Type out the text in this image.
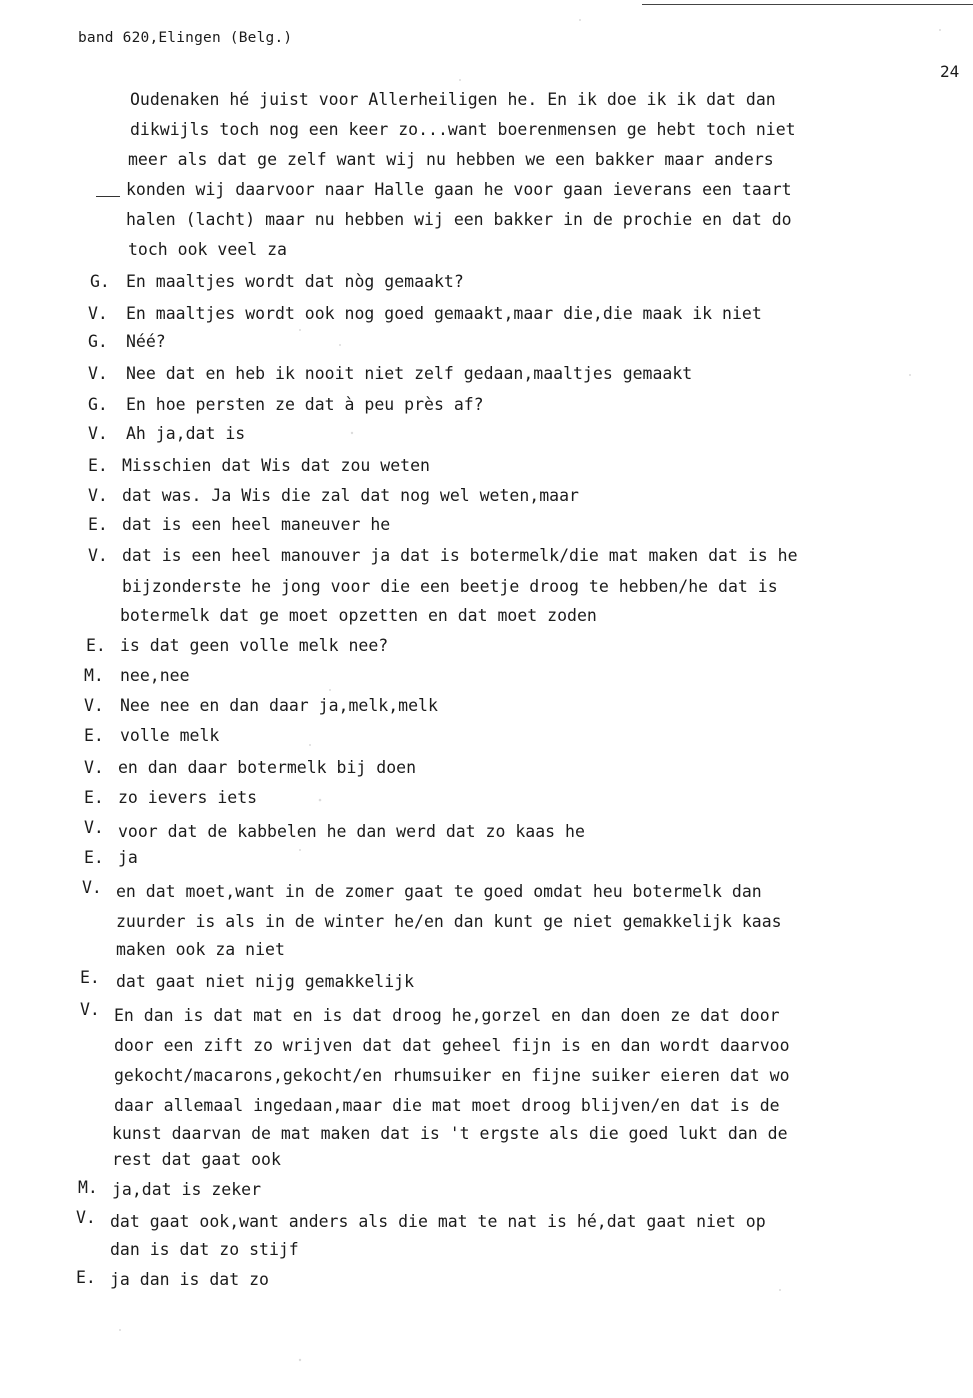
band 620,Elingen (Belg.)
24
Oudenaken hé juist voor Allerheiligen he. En ik doe ik ik dat dan
dikwijls toch nog een keer zo...want boerenmensen ge hebt toch niet
meer als dat ge zelf want wij nu hebben we een bakker maar anders
konden wij daarvoor naar Halle gaan he voor gaan ieverans een taart
halen (lacht) maar nu hebben wij een bakker in de prochie en dat do
toch ook veel za
G. En maaltjes wordt dat nòg gemaakt?
V. En maaltjes wordt ook nog goed gemaakt,maar die,die maak ik niet
G. Néé?
V. Nee dat en heb ik nooit niet zelf gedaan,maaltjes gemaakt
G. En hoe persten ze dat à peu près af?
V. Ah ja,dat is
E. Misschien dat Wis dat zou weten
V. dat was. Ja Wis die zal dat nog wel weten,maar
E. dat is een heel maneuver he
V. dat is een heel manouver ja dat is botermelk/die mat maken dat is he
bijzonderste he jong voor die een beetje droog te hebben/he dat is
botermelk dat ge moet opzetten en dat moet zoden
E. is dat geen volle melk nee?
M. nee,nee
V. Nee nee en dan daar ja,melk,melk
E. volle melk
V. en dan daar botermelk bij doen
E. zo ievers iets
V. voor dat de kabbelen he dan werd dat zo kaas he
E. ja
V. en dat moet,want in de zomer gaat te goed omdat heu botermelk dan
zuurder is als in de winter he/en dan kunt ge niet gemakkelijk kaas
maken ook za niet
E. dat gaat niet nijg gemakkelijk
V. En dan is dat mat en is dat droog he,gorzel en dan doen ze dat door
door een zift zo wrijven dat dat geheel fijn is en dan wordt daarvoo
gekocht/macarons,gekocht/en rhumsuiker en fijne suiker eieren dat wo
daar allemaal ingedaan,maar die mat moet droog blijven/en dat is de
kunst daarvan de mat maken dat is 't ergste als die goed lukt dan de
rest dat gaat ook
M. ja,dat is zeker
V. dat gaat ook,want anders als die mat te nat is hé,dat gaat niet op
dan is dat zo stijf
E. ja dan is dat zo
